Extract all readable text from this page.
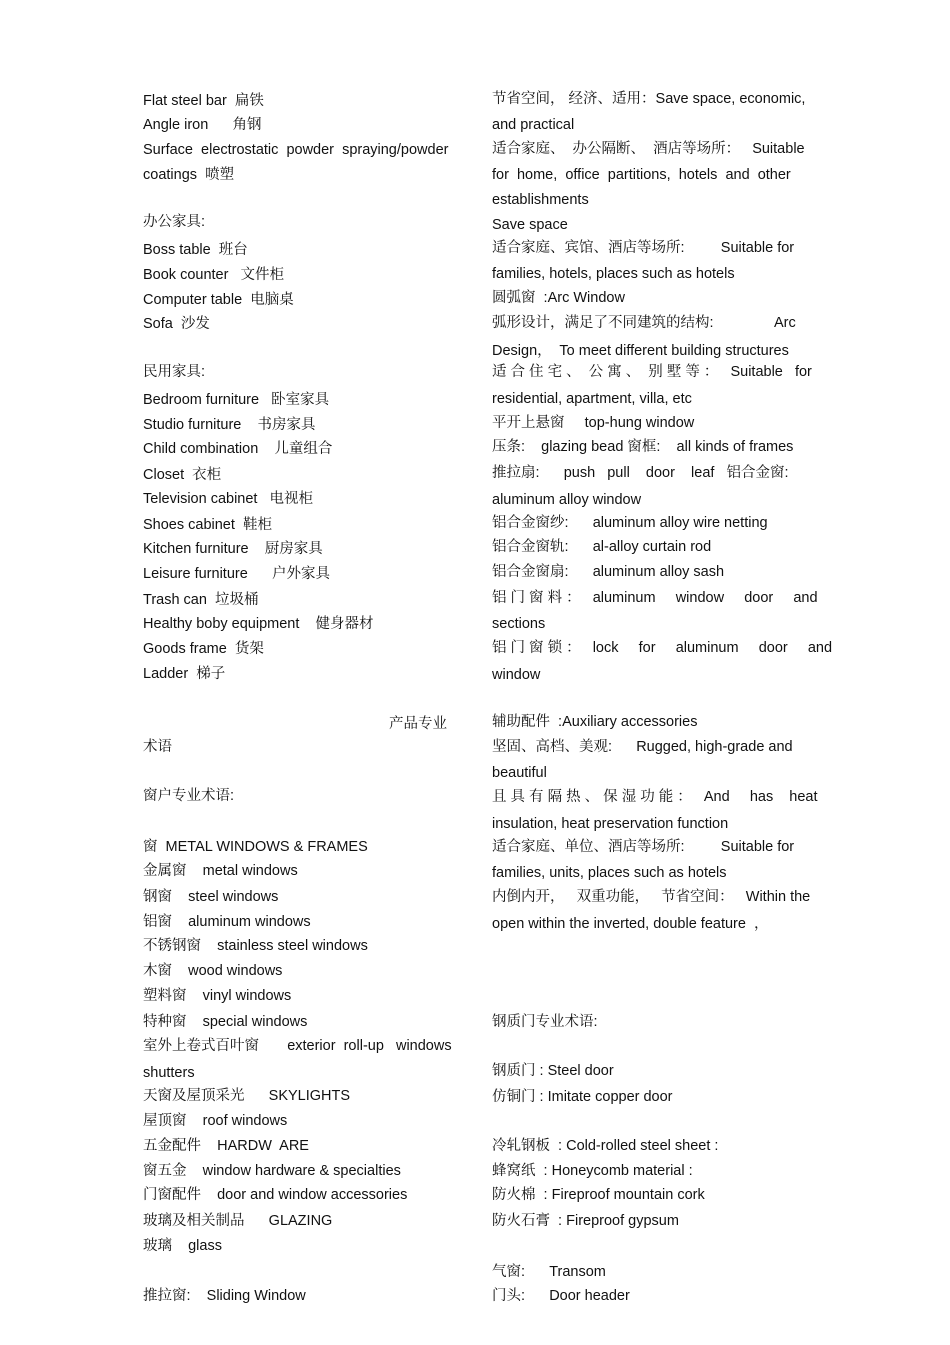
Flat steel bar  扁铁
Angle iron      角钢
Surface  electrostatic  powder  spraying/powder
coatings  喷塑
办公家具:
Boss table  班台
Book counter   文件柜
Computer table  电脑桌
Sofa  沙发
民用家具:
Bedroom furniture   卧室家具
Studio furniture    书房家具
Child combination    儿童组合
Closet  衣柜
Television cabinet   电视柜
Shoes cabinet  鞋柜
Kitchen furniture    厨房家具
Leisure furniture      户外家具
Trash can  垃圾桶
Healthy boby equipment    健身器材
Goods frame  货架
Ladder  梯子
产品专业
术语
窗户专业术语:
窗  METAL WINDOWS & FRAMES
金属窗    metal windows
钢窗    steel windows
铝窗    aluminum windows
不锈钢窗    stainless steel windows
木窗    wood windows
塑料窗    vinyl windows
特种窗    special windows
室外上卷式百叶窗       exterior  roll-up   windows
shutters
天窗及屋顶采光      SKYLIGHTS
屋顶窗    roof windows
五金配件    HARDW  ARE
窗五金    window hardware & specialties
门窗配件    door and window accessories
玻璃及相关制品      GLAZING
玻璃    glass
推拉窗:    Sliding Window
节省空间， 经济、适用：Save space, economic,
and practical
适合家庭、  办公隔断、  酒店等场所：   Suitable
for  home,  office  partitions,  hotels  and  other
establishments
Save space
适合家庭、宾馆、酒店等场所:         Suitable for
families, hotels, places such as hotels
圆弧窗  :Arc Window
弧形设计，满足了不同建筑的结构:               Arc
Design，  To meet different building structures
适 合 住 宅 、  公 寓 、  别 墅 等 ：   Suitable   for
residential, apartment, villa, etc
平开上悬窗     top-hung window
压条:    glazing bead 窗框:    all kinds of frames
推拉扇:      push   pull    door    leaf   铝合金窗:
aluminum alloy window
铝合金窗纱:      aluminum alloy wire netting
铝合金窗轨:      al-alloy curtain rod
铝合金窗扇:      aluminum alloy sash
铝 门 窗 料 ：   aluminum     window     door     and
sections
铝 门 窗 锁 ：   lock     for     aluminum     door     and
window
辅助配件  :Auxiliary accessories
坚固、高档、美观:      Rugged, high-grade and
beautiful
且 具 有 隔 热 、 保 湿 功 能 ：   And     has    heat
insulation, heat preservation function
适合家庭、单位、酒店等场所:         Suitable for
families, units, places such as hotels
内倒内开，   双重功能，   节省空间：   Within the
open within the inverted, double feature  ，
钢质门专业术语:
钢质门 : Steel door
仿铜门 : Imitate copper door
冷轧钢板  : Cold-rolled steel sheet :
蜂窝纸  : Honeycomb material :
防火棉  : Fireproof mountain cork
防火石膏  : Fireproof gypsum
气窗:      Transom
门头:      Door header
